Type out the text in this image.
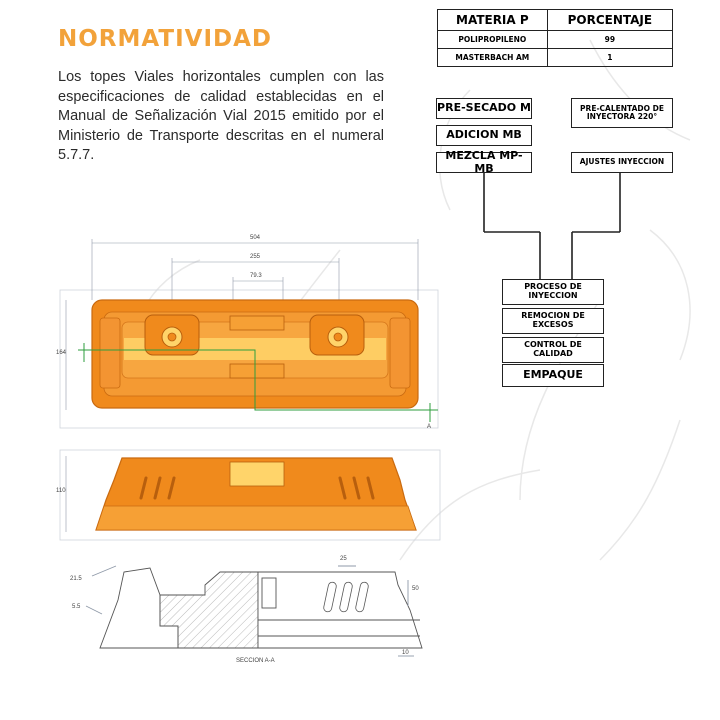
NORMATIVIDAD

Los topes Viales horizontales cumplen con las especificaciones de calidad establecidas en el Manual de Señalización Vial 2015 emitido por el Ministerio de Transporte descritas en el numeral 5.7.7.

MATERIA P	PORCENTAJE
POLIPROPILENO	99
MASTERBACH AM	1
PRE-SECADO M
ADICION MB
MEZCLA MP-MB
PRE-CALENTADO DE INYECTORA 220°
AJUSTES INYECCION
PROCESO DE INYECCION
REMOCION DE EXCESOS
CONTROL DE CALIDAD
EMPAQUE
504
255
79.3
164
110
25
50
21.5
5.5
10
SECCION A-A
A
